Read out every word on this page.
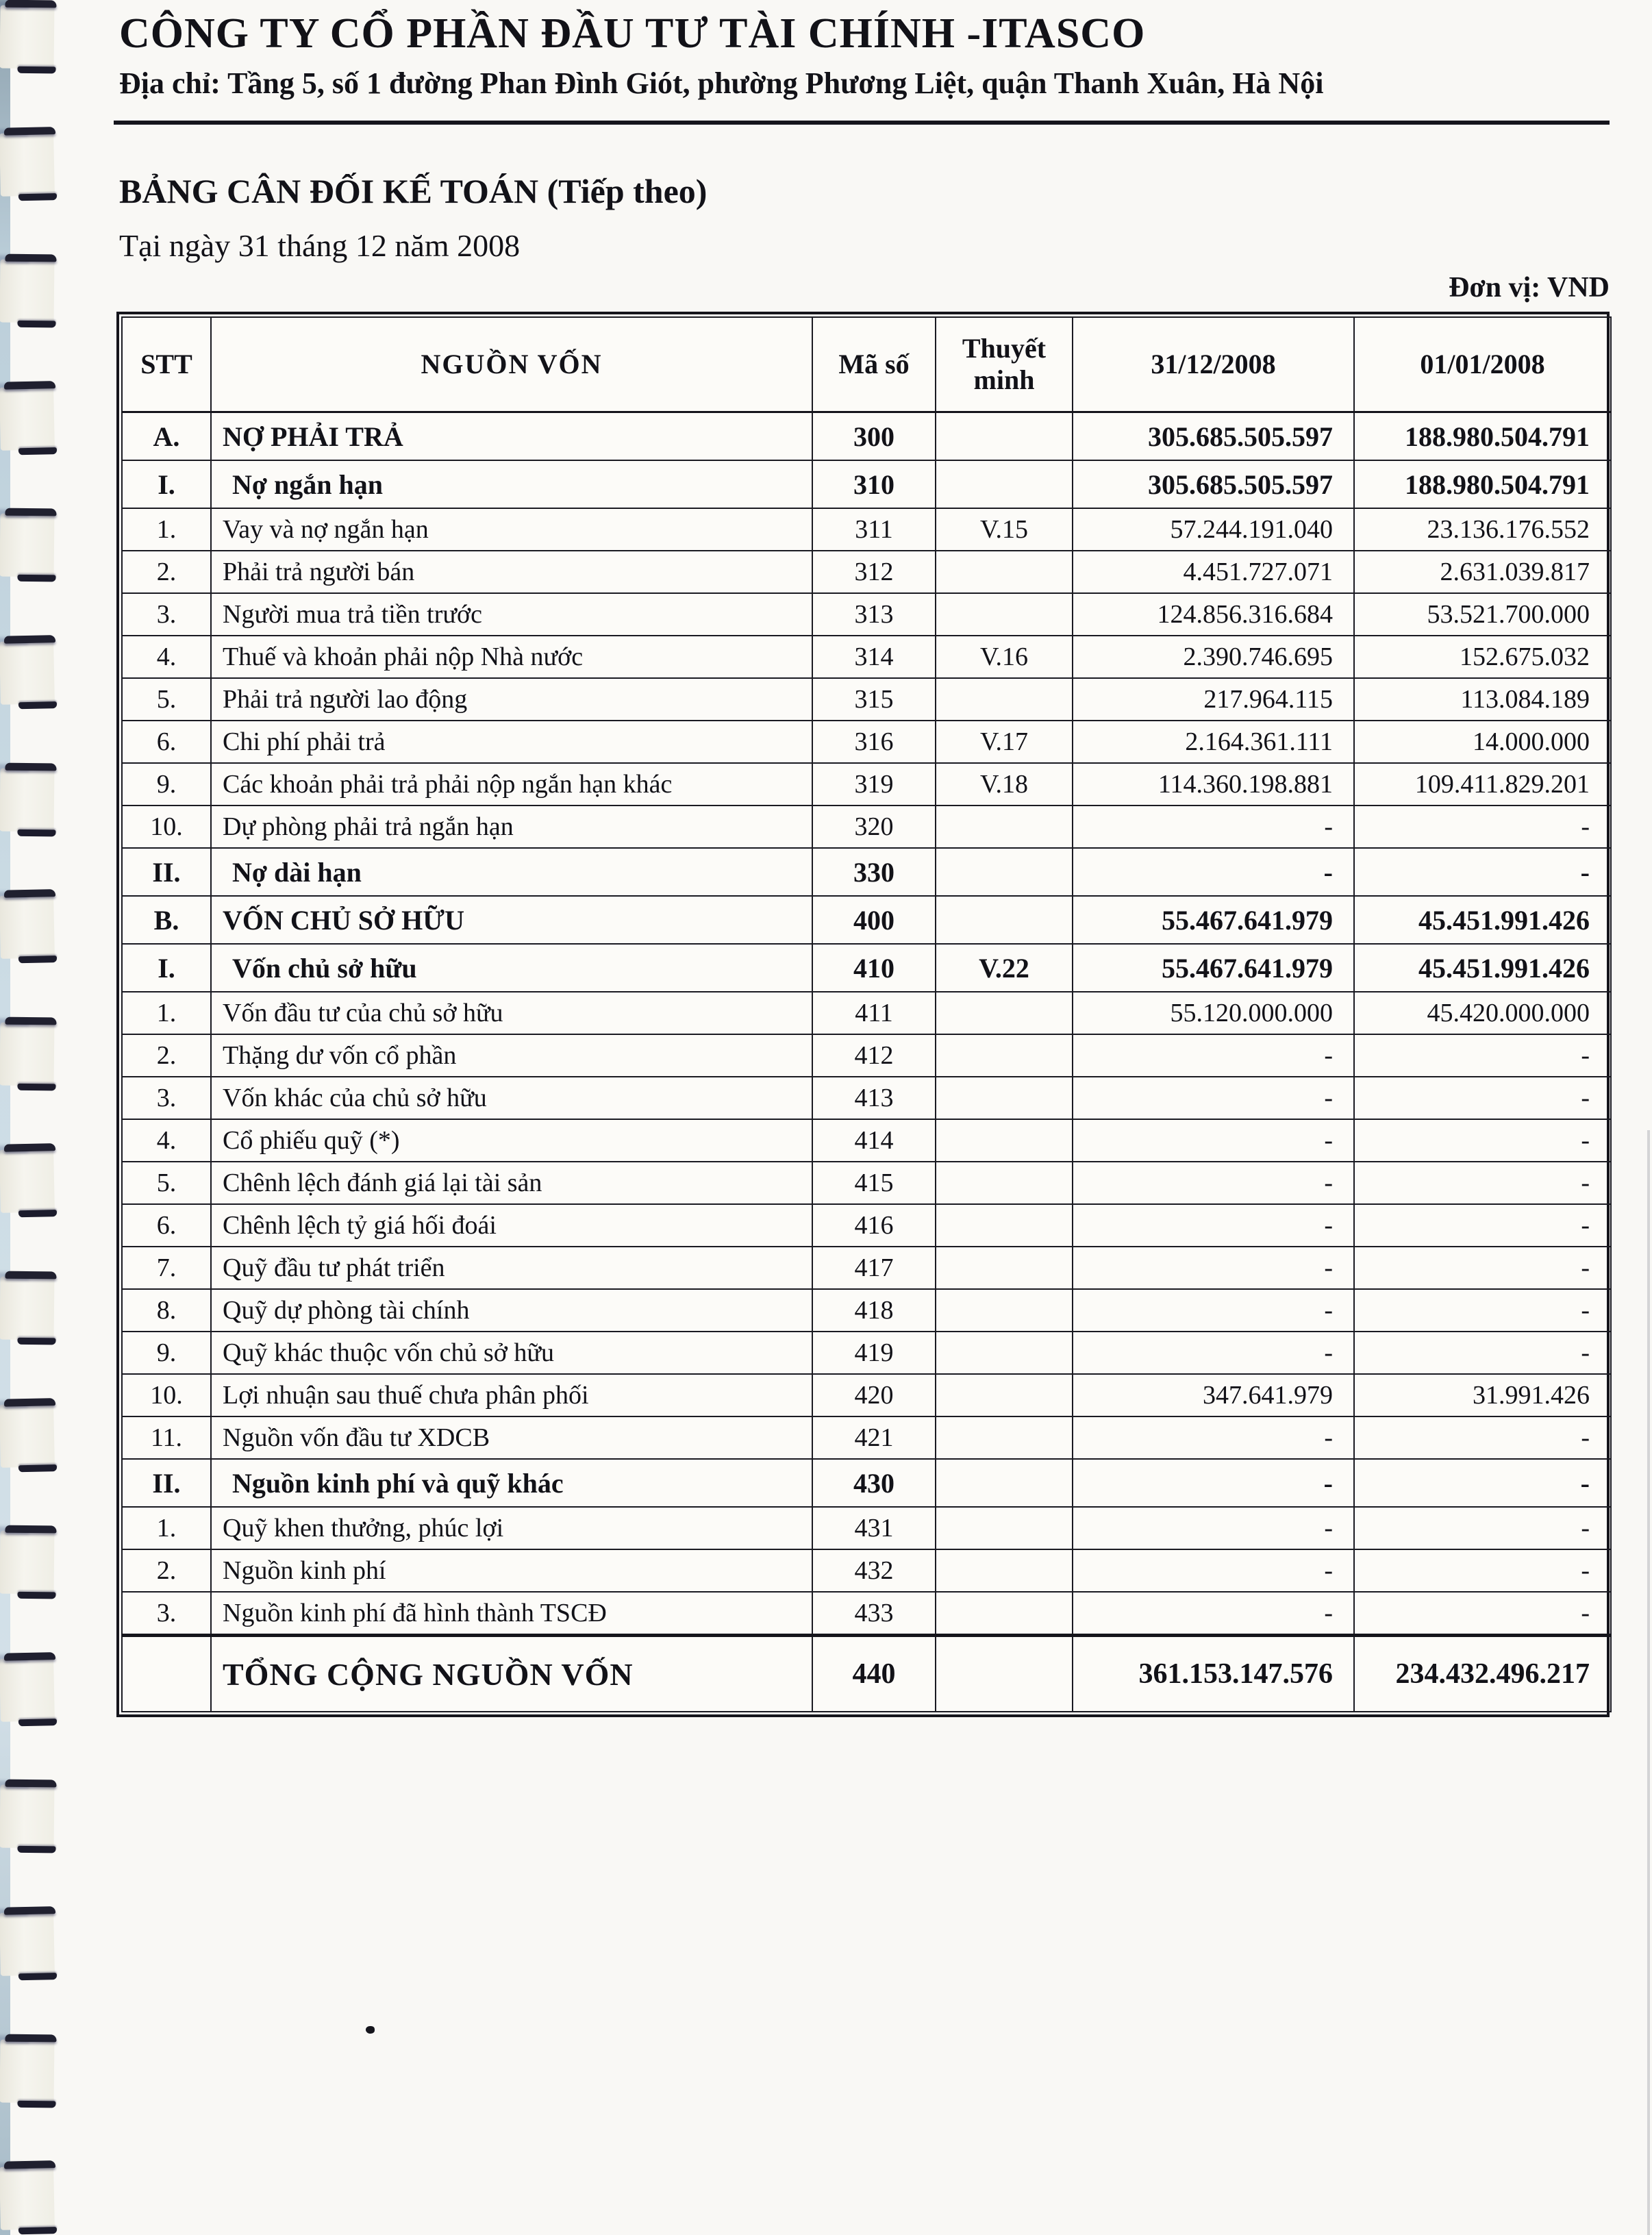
CÔNG TY CỔ PHẦN ĐẦU TƯ TÀI CHÍNH -ITASCO
Địa chỉ: Tầng 5, số 1 đường Phan Đình Giót, phường Phương Liệt, quận Thanh Xuân, Hà Nội
BẢNG CÂN ĐỐI KẾ TOÁN (Tiếp theo)
Tại ngày 31 tháng 12 năm 2008
Đơn vị: VND
STT	NGUỒN VỐN	Mã số	Thuyết minh	31/12/2008	01/01/2008
A.	NỢ PHẢI TRẢ	300		305.685.505.597	188.980.504.791
I.	Nợ ngắn hạn	310		305.685.505.597	188.980.504.791
1.	Vay và nợ ngắn hạn	311	V.15	57.244.191.040	23.136.176.552
2.	Phải trả người bán	312		4.451.727.071	2.631.039.817
3.	Người mua trả tiền trước	313		124.856.316.684	53.521.700.000
4.	Thuế và khoản phải nộp Nhà nước	314	V.16	2.390.746.695	152.675.032
5.	Phải trả người lao động	315		217.964.115	113.084.189
6.	Chi phí phải trả	316	V.17	2.164.361.111	14.000.000
9.	Các khoản phải trả phải nộp ngắn hạn khác	319	V.18	114.360.198.881	109.411.829.201
10.	Dự phòng phải trả ngắn hạn	320		-	-
II.	Nợ dài hạn	330		-	-
B.	VỐN CHỦ SỞ HỮU	400		55.467.641.979	45.451.991.426
I.	Vốn chủ sở hữu	410	V.22	55.467.641.979	45.451.991.426
1.	Vốn đầu tư của chủ sở hữu	411		55.120.000.000	45.420.000.000
2.	Thặng dư vốn cổ phần	412		-	-
3.	Vốn khác của chủ sở hữu	413		-	-
4.	Cổ phiếu quỹ (*)	414		-	-
5.	Chênh lệch đánh giá lại tài sản	415		-	-
6.	Chênh lệch tỷ giá hối đoái	416		-	-
7.	Quỹ đầu tư phát triển	417		-	-
8.	Quỹ dự phòng tài chính	418		-	-
9.	Quỹ khác thuộc vốn chủ sở hữu	419		-	-
10.	Lợi nhuận sau thuế chưa phân phối	420		347.641.979	31.991.426
11.	Nguồn vốn đầu tư XDCB	421		-	-
II.	Nguồn kinh phí và quỹ khác	430		-	-
1.	Quỹ khen thưởng, phúc lợi	431		-	-
2.	Nguồn kinh phí	432		-	-
3.	Nguồn kinh phí đã hình thành TSCĐ	433		-	-
	TỔNG CỘNG NGUỒN VỐN	440		361.153.147.576	234.432.496.217
